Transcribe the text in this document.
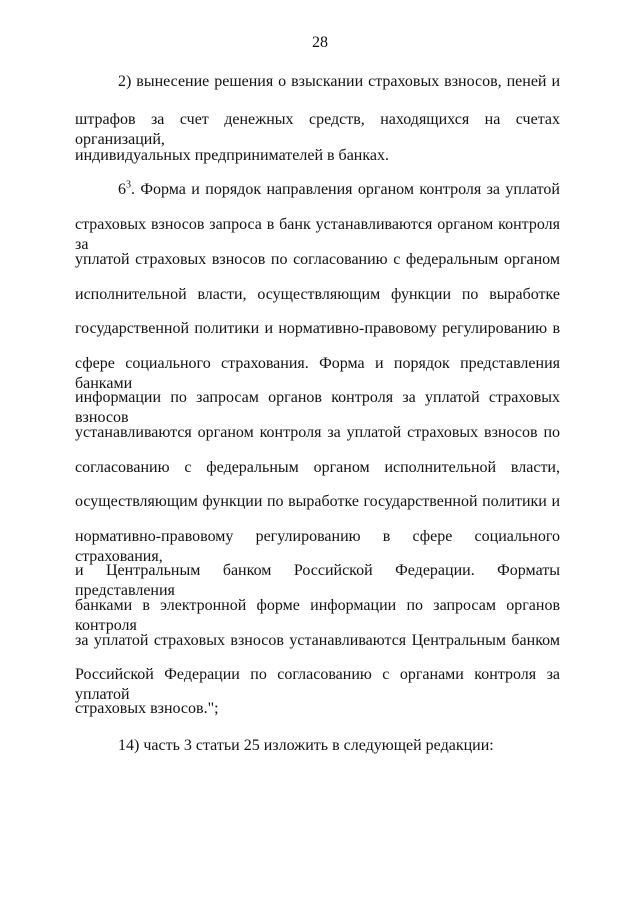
28
2) вынесение решения о взыскании страховых взносов, пеней и
штрафов за счет денежных средств, находящихся на счетах организаций,
индивидуальных предпринимателей в банках.
$6^3$. Форма и порядок направления органом контроля за уплатой
страховых взносов запроса в банк устанавливаются органом контроля за
уплатой страховых взносов по согласованию с федеральным органом
исполнительной власти, осуществляющим функции по выработке
государственной политики и нормативно-правовому регулированию в
сфере социального страхования. Форма и порядок представления банками
информации по запросам органов контроля за уплатой страховых взносов
устанавливаются органом контроля за уплатой страховых взносов по
согласованию с федеральным органом исполнительной власти,
осуществляющим функции по выработке государственной политики и
нормативно-правовому регулированию в сфере социального страхования,
и Центральным банком Российской Федерации. Форматы представления
банками в электронной форме информации по запросам органов контроля
за уплатой страховых взносов устанавливаются Центральным банком
Российской Федерации по согласованию с органами контроля за уплатой
страховых взносов.";
14) часть 3 статьи 25 изложить в следующей редакции:
